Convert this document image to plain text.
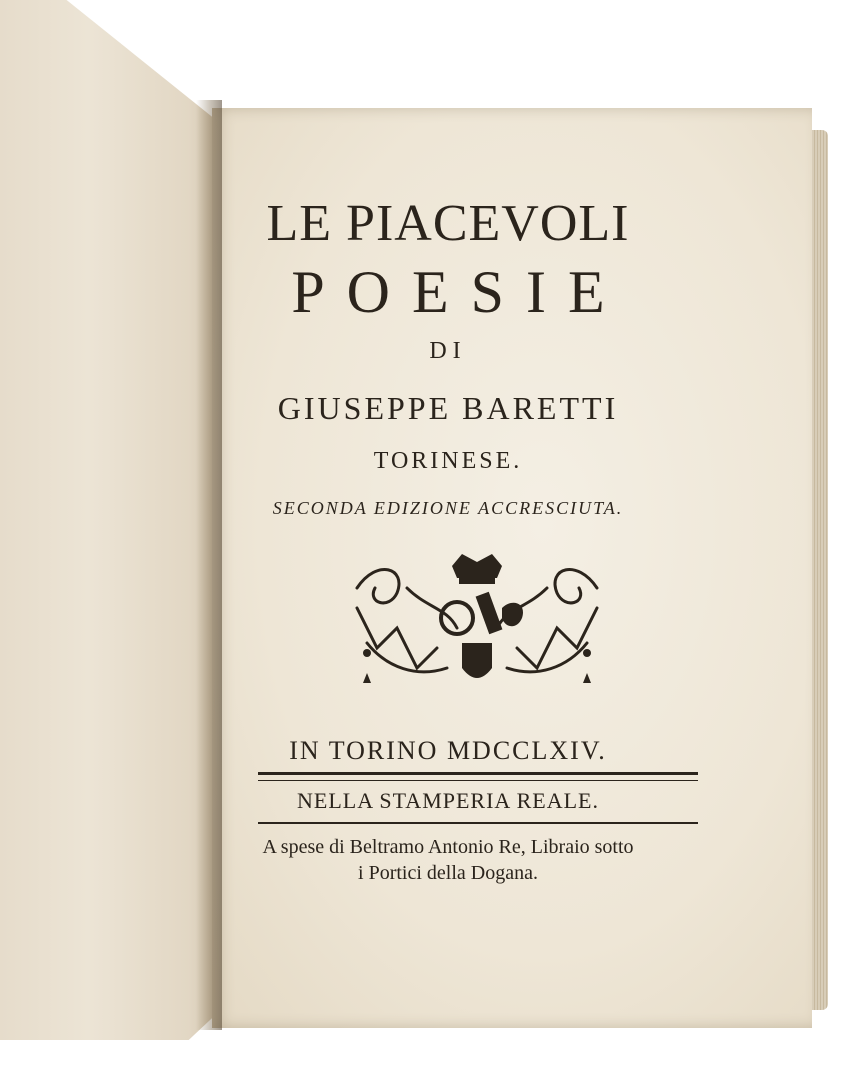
LE PIACEVOLI
POESIE
DI
GIUSEPPE BARETTI
TORINESE.
SECONDA EDIZIONE ACCRESCIUTA.
IN TORINO MDCCLXIV.
NELLA STAMPERIA REALE.
A spese di Beltramo Antonio Re, Libraio sotto
i Portici della Dogana.
